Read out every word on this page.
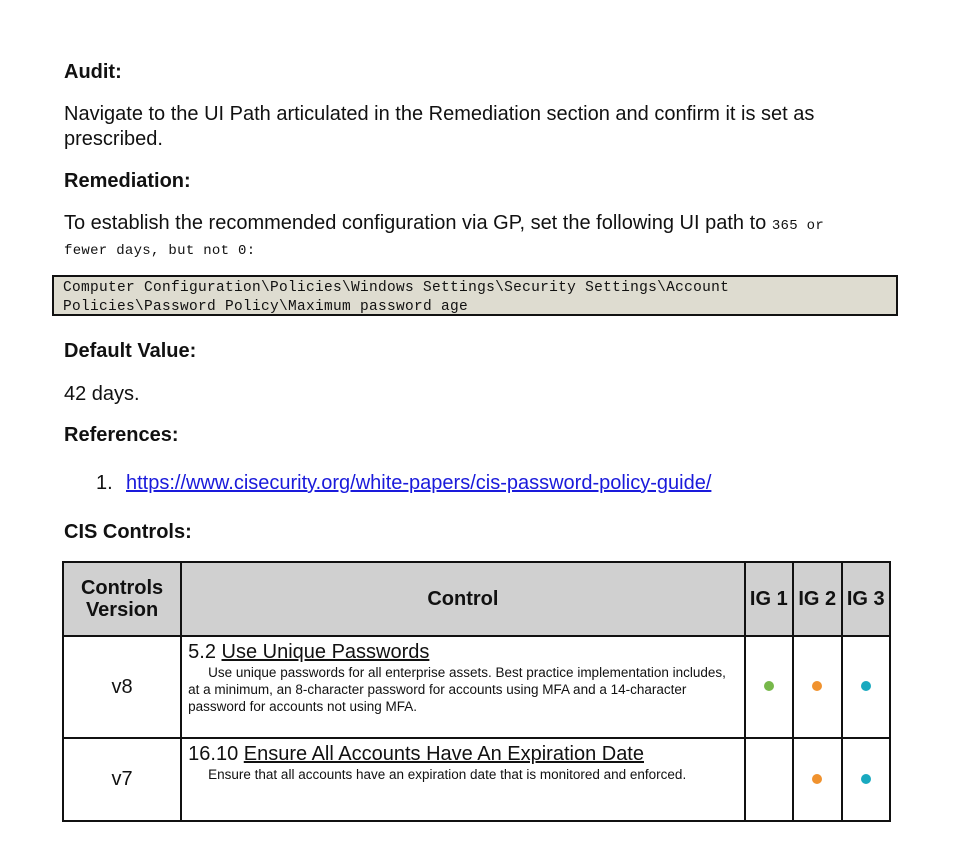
Audit:
Navigate to the UI Path articulated in the Remediation section and confirm it is set as
prescribed.
Remediation:
To establish the recommended configuration via GP, set the following UI path to 365 or
fewer days, but not 0:
Computer Configuration\Policies\Windows Settings\Security Settings\Account
Policies\Password Policy\Maximum password age
Default Value:
42 days.
References:
1. https://www.cisecurity.org/white-papers/cis-password-policy-guide/
CIS Controls:
Controls Version	Control	IG 1	IG 2	IG 3
v8	5.2 Use Unique Passwords
Use unique passwords for all enterprise assets. Best practice implementation includes, at a minimum, an 8-character password for accounts using MFA and a 14-character password for accounts not using MFA.			

v7	16.10 Ensure All Accounts Have An Expiration Date
Ensure that all accounts have an expiration date that is monitored and enforced.			
